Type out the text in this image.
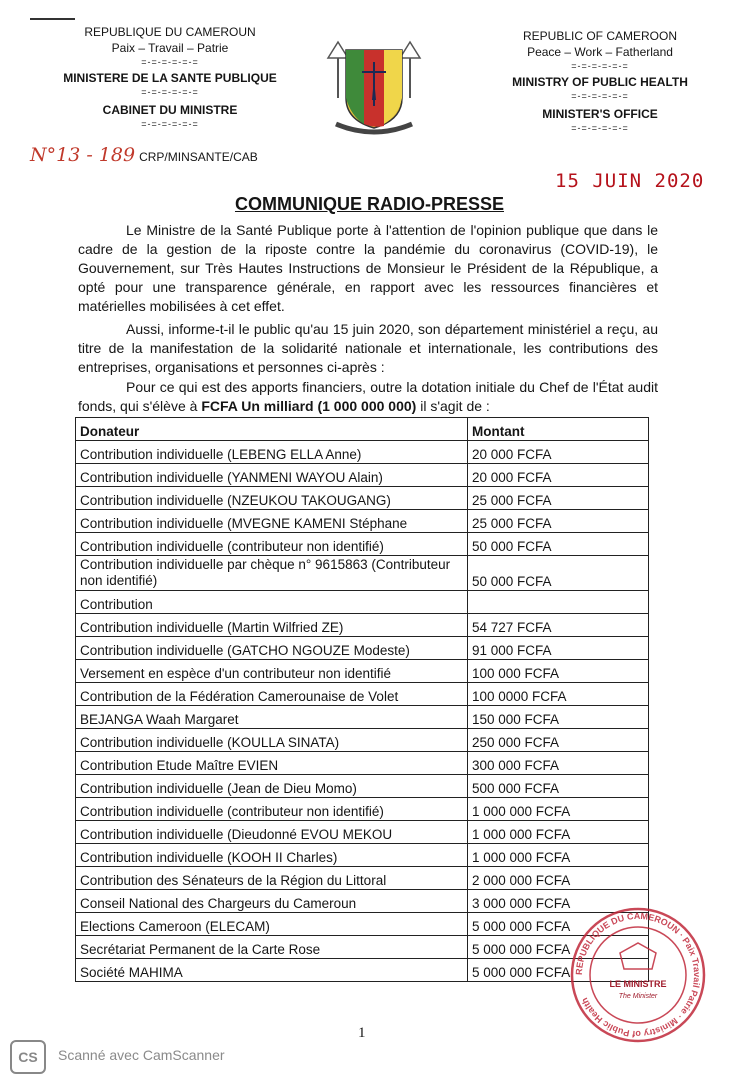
REPUBLIQUE DU CAMEROUN
Paix – Travail – Patrie
=-=-=-=-=-=
MINISTERE DE LA SANTE PUBLIQUE
=-=-=-=-=-=
CABINET DU MINISTRE
=-=-=-=-=-=
REPUBLIC OF CAMEROON
Peace – Work – Fatherland
=-=-=-=-=-=
MINISTRY OF PUBLIC HEALTH
=-=-=-=-=-=
MINISTER'S OFFICE
=-=-=-=-=-=
N°13 - 189 CRP/MINSANTE/CAB
15 JUIN 2020
COMMUNIQUE RADIO-PRESSE
Le Ministre de la Santé Publique porte à l'attention de l'opinion publique que dans le cadre de la gestion de la riposte contre la pandémie du coronavirus (COVID-19), le Gouvernement, sur Très Hautes Instructions de Monsieur le Président de la République, a opté pour une transparence générale, en rapport avec les ressources financières et matérielles mobilisées à cet effet.
Aussi, informe-t-il le public qu'au 15 juin 2020, son département ministériel a reçu, au titre de la manifestation de la solidarité nationale et internationale, les contributions des entreprises, organisations et personnes ci-après :
Pour ce qui est des apports financiers, outre la dotation initiale du Chef de l'État audit fonds, qui s'élève à FCFA Un milliard (1 000 000 000) il s'agit de :
Donateur	Montant
Contribution individuelle (LEBENG ELLA Anne)	20 000 FCFA
Contribution individuelle (YANMENI WAYOU Alain)	20 000 FCFA
Contribution individuelle (NZEUKOU TAKOUGANG)	25 000 FCFA
Contribution individuelle (MVEGNE KAMENI Stéphane	25 000 FCFA
Contribution individuelle (contributeur non identifié)	50 000 FCFA
Contribution individuelle par chèque n° 9615863 (Contributeur non identifié)	50 000 FCFA
Contribution	
Contribution individuelle (Martin Wilfried ZE)	54 727 FCFA
Contribution individuelle (GATCHO NGOUZE Modeste)	91 000 FCFA
Versement en espèce d'un contributeur non identifié	100 000 FCFA
Contribution de la Fédération Camerounaise de Volet	100 0000 FCFA
BEJANGA Waah Margaret	150 000 FCFA
Contribution individuelle (KOULLA SINATA)	250 000 FCFA
Contribution Etude Maître EVIEN	300 000 FCFA
Contribution individuelle (Jean de Dieu Momo)	500 000 FCFA
Contribution individuelle (contributeur non identifié)	1 000 000 FCFA
Contribution individuelle (Dieudonné EVOU MEKOU	1 000 000 FCFA
Contribution individuelle (KOOH II Charles)	1 000 000 FCFA
Contribution des Sénateurs de la Région du Littoral	2 000 000 FCFA
Conseil National des Chargeurs du Cameroun	3 000 000 FCFA
Elections Cameroon (ELECAM)	5 000 000 FCFA
Secrétariat Permanent de la Carte Rose	5 000 000 FCFA
Société MAHIMA	5 000 000 FCFA REPUBLIQUE DU CAMEROUN · Paix Travail Patrie · Ministry of Public Health
LE MINISTRE
The Minister
1
CS	Scanné avec CamScanner
